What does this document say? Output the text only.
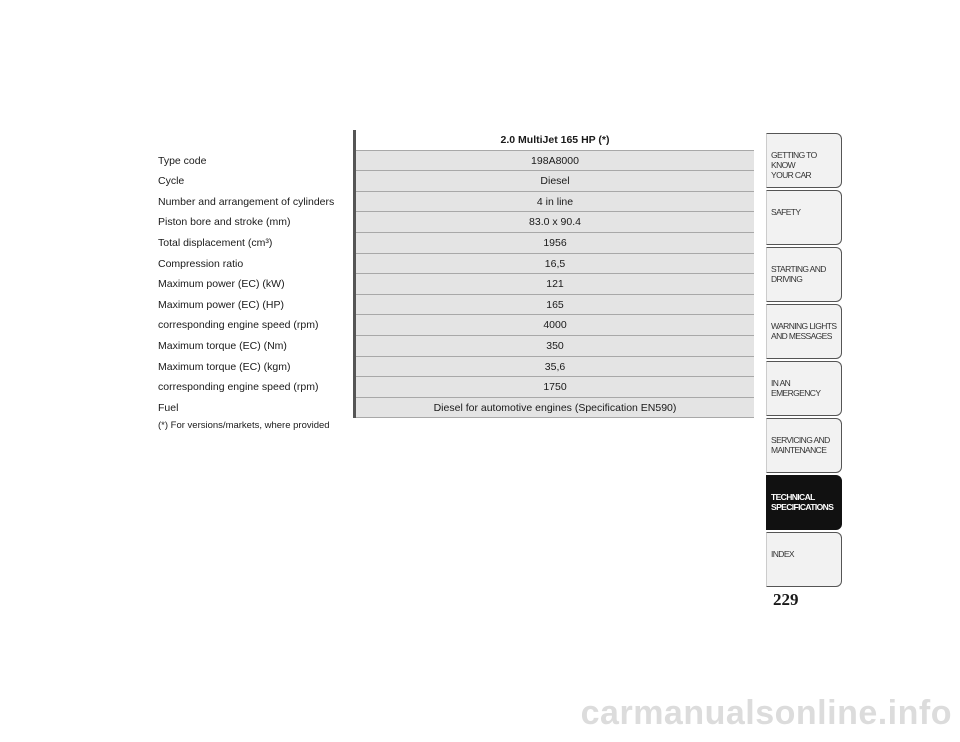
2.0 MultiJet 165 HP (*)
Type code	198A8000
Cycle	Diesel
Number and arrangement of cylinders	4 in line
Piston bore and stroke (mm)	83.0 x 90.4
Total displacement (cm³)	1956
Compression ratio	16,5
Maximum power (EC) (kW)	121
Maximum power (EC) (HP)	165
corresponding engine speed (rpm)	4000
Maximum torque (EC) (Nm)	350
Maximum torque (EC) (kgm)	35,6
corresponding engine speed (rpm)	1750
Fuel	Diesel for automotive engines (Specification EN590)
(*) For versions/markets, where provided
GETTING TO KNOW
YOUR CAR
SAFETY
STARTING AND
DRIVING
WARNING LIGHTS
AND MESSAGES
IN AN EMERGENCY
SERVICING AND
MAINTENANCE
TECHNICAL
SPECIFICATIONS
INDEX
229
carmanualsonline.info
